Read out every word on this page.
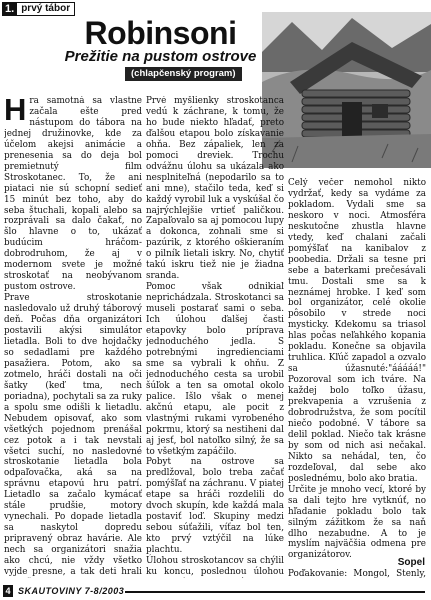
1. prvý tábor
Robinsoni
Prežitie na pustom ostrove
(chlapčenský program)

Hra samotná sa vlastne začala ešte pred nástupom do tábora na jednej družinovke, kde za účelom akejsi animácie a prenesenia sa do deja bol premietnutý film Stroskotanec. To, že ani piataci nie sú schopní sedieť 15 minút bez toho, aby do seba štuchali, kopali alebo sa rozprávali sa dalo čakať, no šlo hlavne o to, ukázať budúcim hráčom-dobrodruhom, že aj v modernom svete je možné stroskotať na neobývanom pustom ostrove.

Prave stroskotanie nasledovalo už druhý táborový deň. Počas dňa organizátori postavili akýsi simulátor lietadla. Boli to dve hojdačky so sedadlami pre každého pasažiera. Potom, ako sa zotmelo, hráči dostali na oči šatky (keď tma, nech poriadna), pochytali sa za ruky a spolu sme odišli k lietadlu. Nebudem opisovať, ako som všetkých pojednom prenášal cez potok a i tak nevstali všetci suchí, no nasledovné stroskotanie lietadla bola odpaľovačka, aká sa na správnu etapovú hru patrí. Lietadlo sa začalo kymácať stále prudšie, motory vynechali. Po dopade lietadla sa naskytol dopredu pripravený obraz havárie. Ale nech sa organizátori snažia ako chcú, nie vždy všetko vyjde presne, a tak deti hrali

Prvé myšlienky stroskotanca vedú k záchrane, k tomu, že ho bude niekto hľadať, preto ďalšou etapou bolo získavanie ohňa. Bez zápaliek, len za pomoci dreviek. Trochu odvážnu úlohu sa ukázala ako nesplniteľná (nepodarilo sa to ani mne), stačilo teda, keď si každý vyrobil luk a vyskúšal čo najrýchlejšie vrtieť paličkou. Zapaľovalo sa aj pomocou lupy a dokonca, zohnali sme si pazúrik, z ktorého oškieraním o pilník lietali iskry. No, chytiť takú iskru tiež nie je žiadna sranda.

Pomoc však odnikiaľ neprichádzala. Stroskotanci sa museli postarať sami o seba. Ich úlohou ďalšej časti etapovky bolo príprava jednoduchého jedla. S potrebnými ingredienciami sme sa vybrali k ohňu. Z jednoduchého cesta sa urobil šúľok a ten sa omotal okolo palice. Išlo však o menej akčnú etapu, ale pocit z vlastnými rukami vyrobeného pokrmu, ktorý sa nestiheni dal aj jesť, bol natoľko silný, že sa to všetkým zapáčilo.

Pobyt na ostrove sa predlžoval, bolo treba začať pomýšľať na záchranu. V piatej etape sa hráči rozdelili do dvoch skupín, kde každá mala postaviť loď. Skupiny medzi sebou súťažili, víťaz bol ten, kto prvý vztýčil na lúke plachtu.

Úlohou stroskotancov sa chýlil ku koncu, poslednou úlohou

Celý večer nemohol nikto vydržať, kedy sa vydáme za pokladom. Vydali sme sa neskoro v noci. Atmosféra neskutočne zhustla hlavne vtedy, keď chalani začali pomýšľať na kanibalov z poobedia. Držali sa tesne pri sebe a baterkami prečesávali tmu. Dostali sme sa k neznámej hrobke. I keď som bol organizátor, celé okolie pôsobilo v strede noci mysticky. Kdekomu sa triasol hlas počas neľahkého kopania pokladu. Konečne sa objavila truhlica. Kľúč zapadol a ozvalo sa úžasnuté:"ááááá!" Pozoroval som ich tváre. Na každej bolo toľko úžasu, prekvapenia a vzrušenia z dobrodružstva, že som pocítil niečo podobné. V tábore sa delil poklad. Niečo tak krásne by som od nich asi nečakal. Nikto sa nehádal, ten, čo rozdeľoval, dal sebe ako poslednému, bolo ako bratia.

Určite je mnoho vecí, ktoré by sa dali tejto hre vytknúť, no hľadanie pokladu bolo tak silným zážitkom že sa naň dlho nezabudne. A to je myslím najväčšia odmena pre organizátorov.

Poďakovanie: Mongol, Stenly,

Sopel
4 SKAUTOVINY 7-8/2003
